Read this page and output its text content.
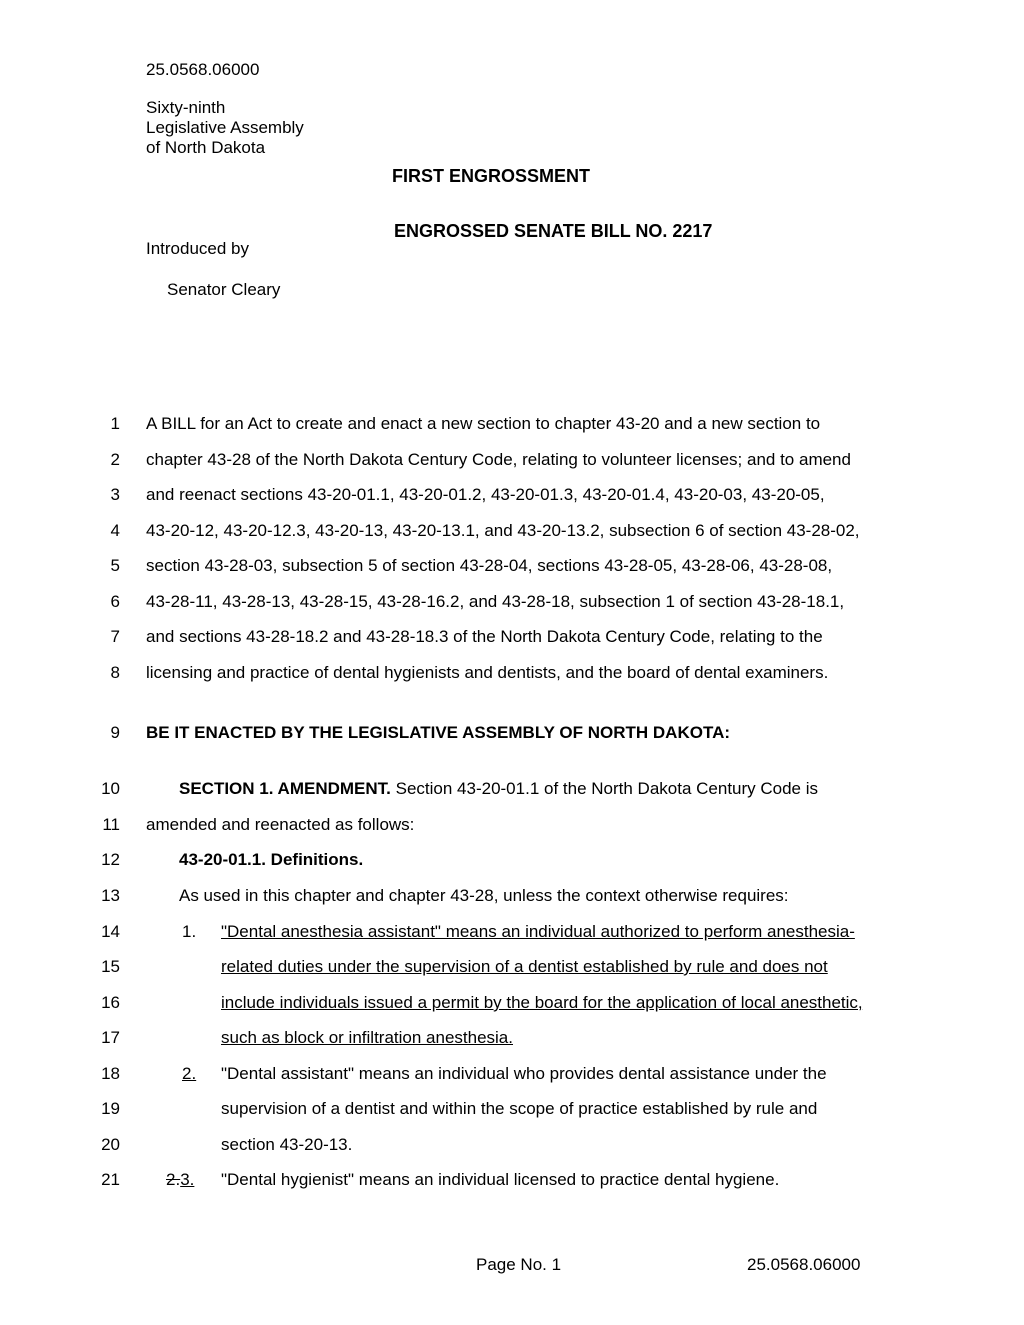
25.0568.06000
Sixty-ninth
Legislative Assembly
of North Dakota
FIRST ENGROSSMENT
ENGROSSED SENATE BILL NO. 2217
Introduced by
Senator Cleary
1
2
3
4
5
6
7
8
9
10
11
12
13
14
15
16
17
18
19
20
21
A BILL for an Act to create and enact a new section to chapter 43-20 and a new section to
chapter 43-28 of the North Dakota Century Code, relating to volunteer licenses; and to amend
and reenact sections 43-20-01.1, 43-20-01.2, 43-20-01.3, 43-20-01.4, 43-20-03, 43-20-05,
43-20-12, 43-20-12.3, 43-20-13, 43-20-13.1, and 43-20-13.2, subsection 6 of section 43-28-02,
section 43-28-03, subsection 5 of section 43-28-04, sections 43-28-05, 43-28-06, 43-28-08,
43-28-11, 43-28-13, 43-28-15, 43-28-16.2, and 43-28-18, subsection 1 of section 43-28-18.1,
and sections 43-28-18.2 and 43-28-18.3 of the North Dakota Century Code, relating to the
licensing and practice of dental hygienists and dentists, and the board of dental examiners.
BE IT ENACTED BY THE LEGISLATIVE ASSEMBLY OF NORTH DAKOTA:
SECTION 1. AMENDMENT. Section 43-20-01.1 of the North Dakota Century Code is
amended and reenacted as follows:
43-20-01.1. Definitions.
As used in this chapter and chapter 43-28, unless the context otherwise requires:
1. "Dental anesthesia assistant" means an individual authorized to perform anesthesia-
related duties under the supervision of a dentist established by rule and does not
include individuals issued a permit by the board for the application of local anesthetic,
such as block or infiltration anesthesia.
2. "Dental assistant" means an individual who provides dental assistance under the
supervision of a dentist and within the scope of practice established by rule and
section 43-20-13.
2.3. "Dental hygienist" means an individual licensed to practice dental hygiene.
Page No. 1	25.0568.06000
